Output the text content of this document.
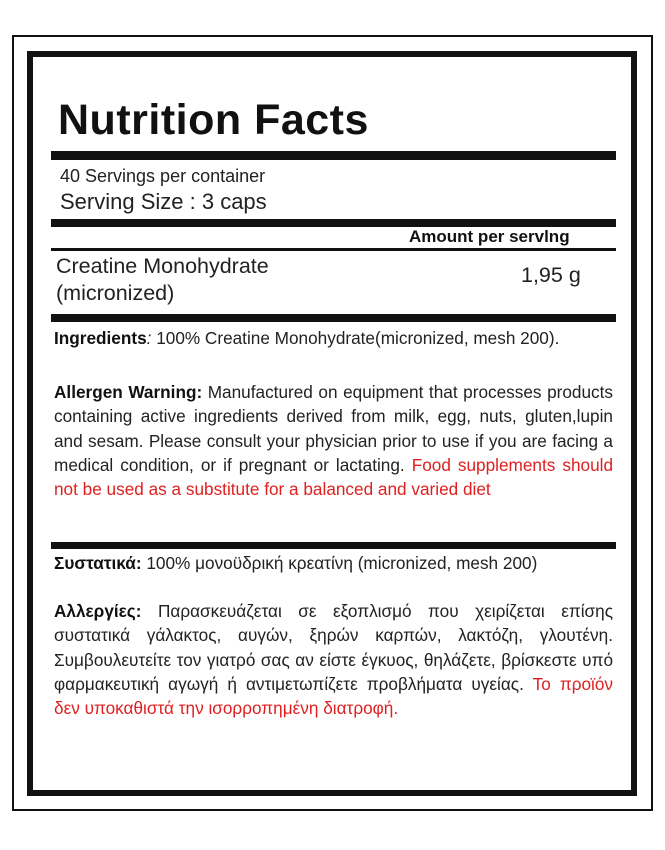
Nutrition Facts
40 Servings per container
Serving Size : 3 caps
Amount per servlng
Creatine Monohydrate
(micronized)
1,95 g
Ingredients: 100% Creatine Monohydrate(micronized, mesh 200).
Allergen Warning: Manufactured on equipment that processes products containing active ingredients derived from milk, egg, nuts, gluten,lupin and sesam. Please consult your physician prior to use if you are facing a medical condition, or if pregnant or lactating. Food supplements should not be used as a substitute for a balanced and varied diet
Συστατικά: 100% μονοϋδρική κρεατίνη (micronized, mesh 200)
Αλλεργίες: Παρασκευάζεται σε εξοπλισμό που χειρίζεται επίσης συστατικά γάλακτος, αυγών, ξηρών καρπών, λακτόζη, γλουτένη. Συμβουλευτείτε τον γιατρό σας αν είστε έγκυος, θηλάζετε, βρίσκεστε υπό φαρμακευτική αγωγή ή αντιμετωπίζετε προβλήματα υγείας. Το προϊόν δεν υποκαθιστά την ισορροπημένη διατροφή.
